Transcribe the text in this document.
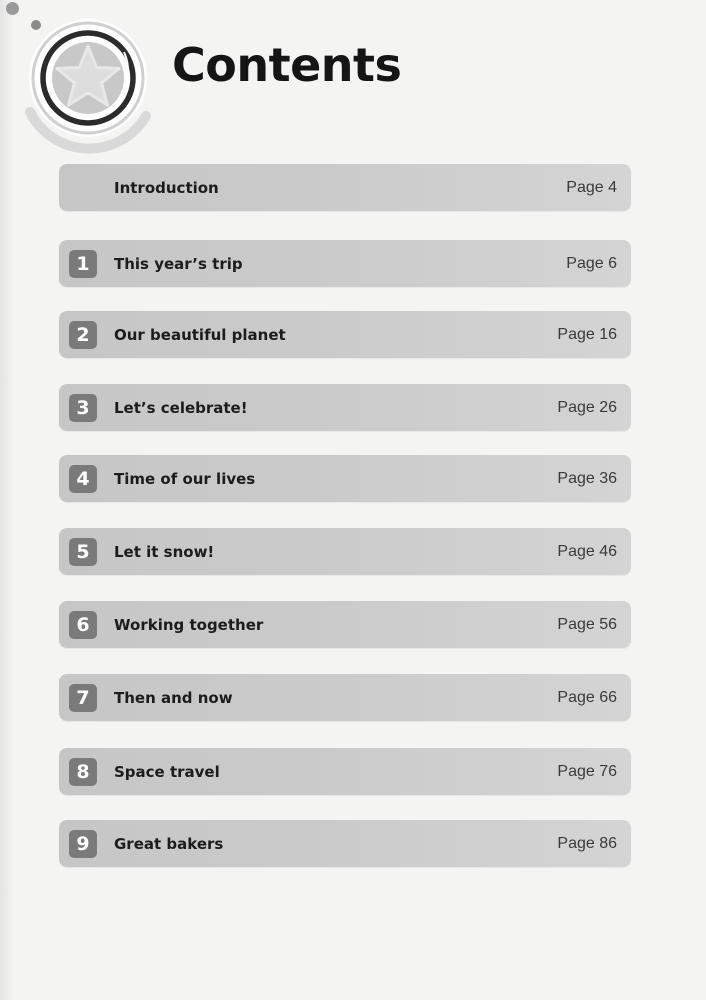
Contents
Introduction	Page 4
1	This year’s trip	Page 6
2	Our beautiful planet	Page 16
3	Let’s celebrate!	Page 26
4	Time of our lives	Page 36
5	Let it snow!	Page 46
6	Working together	Page 56
7	Then and now	Page 66
8	Space travel	Page 76
9	Great bakers	Page 86
